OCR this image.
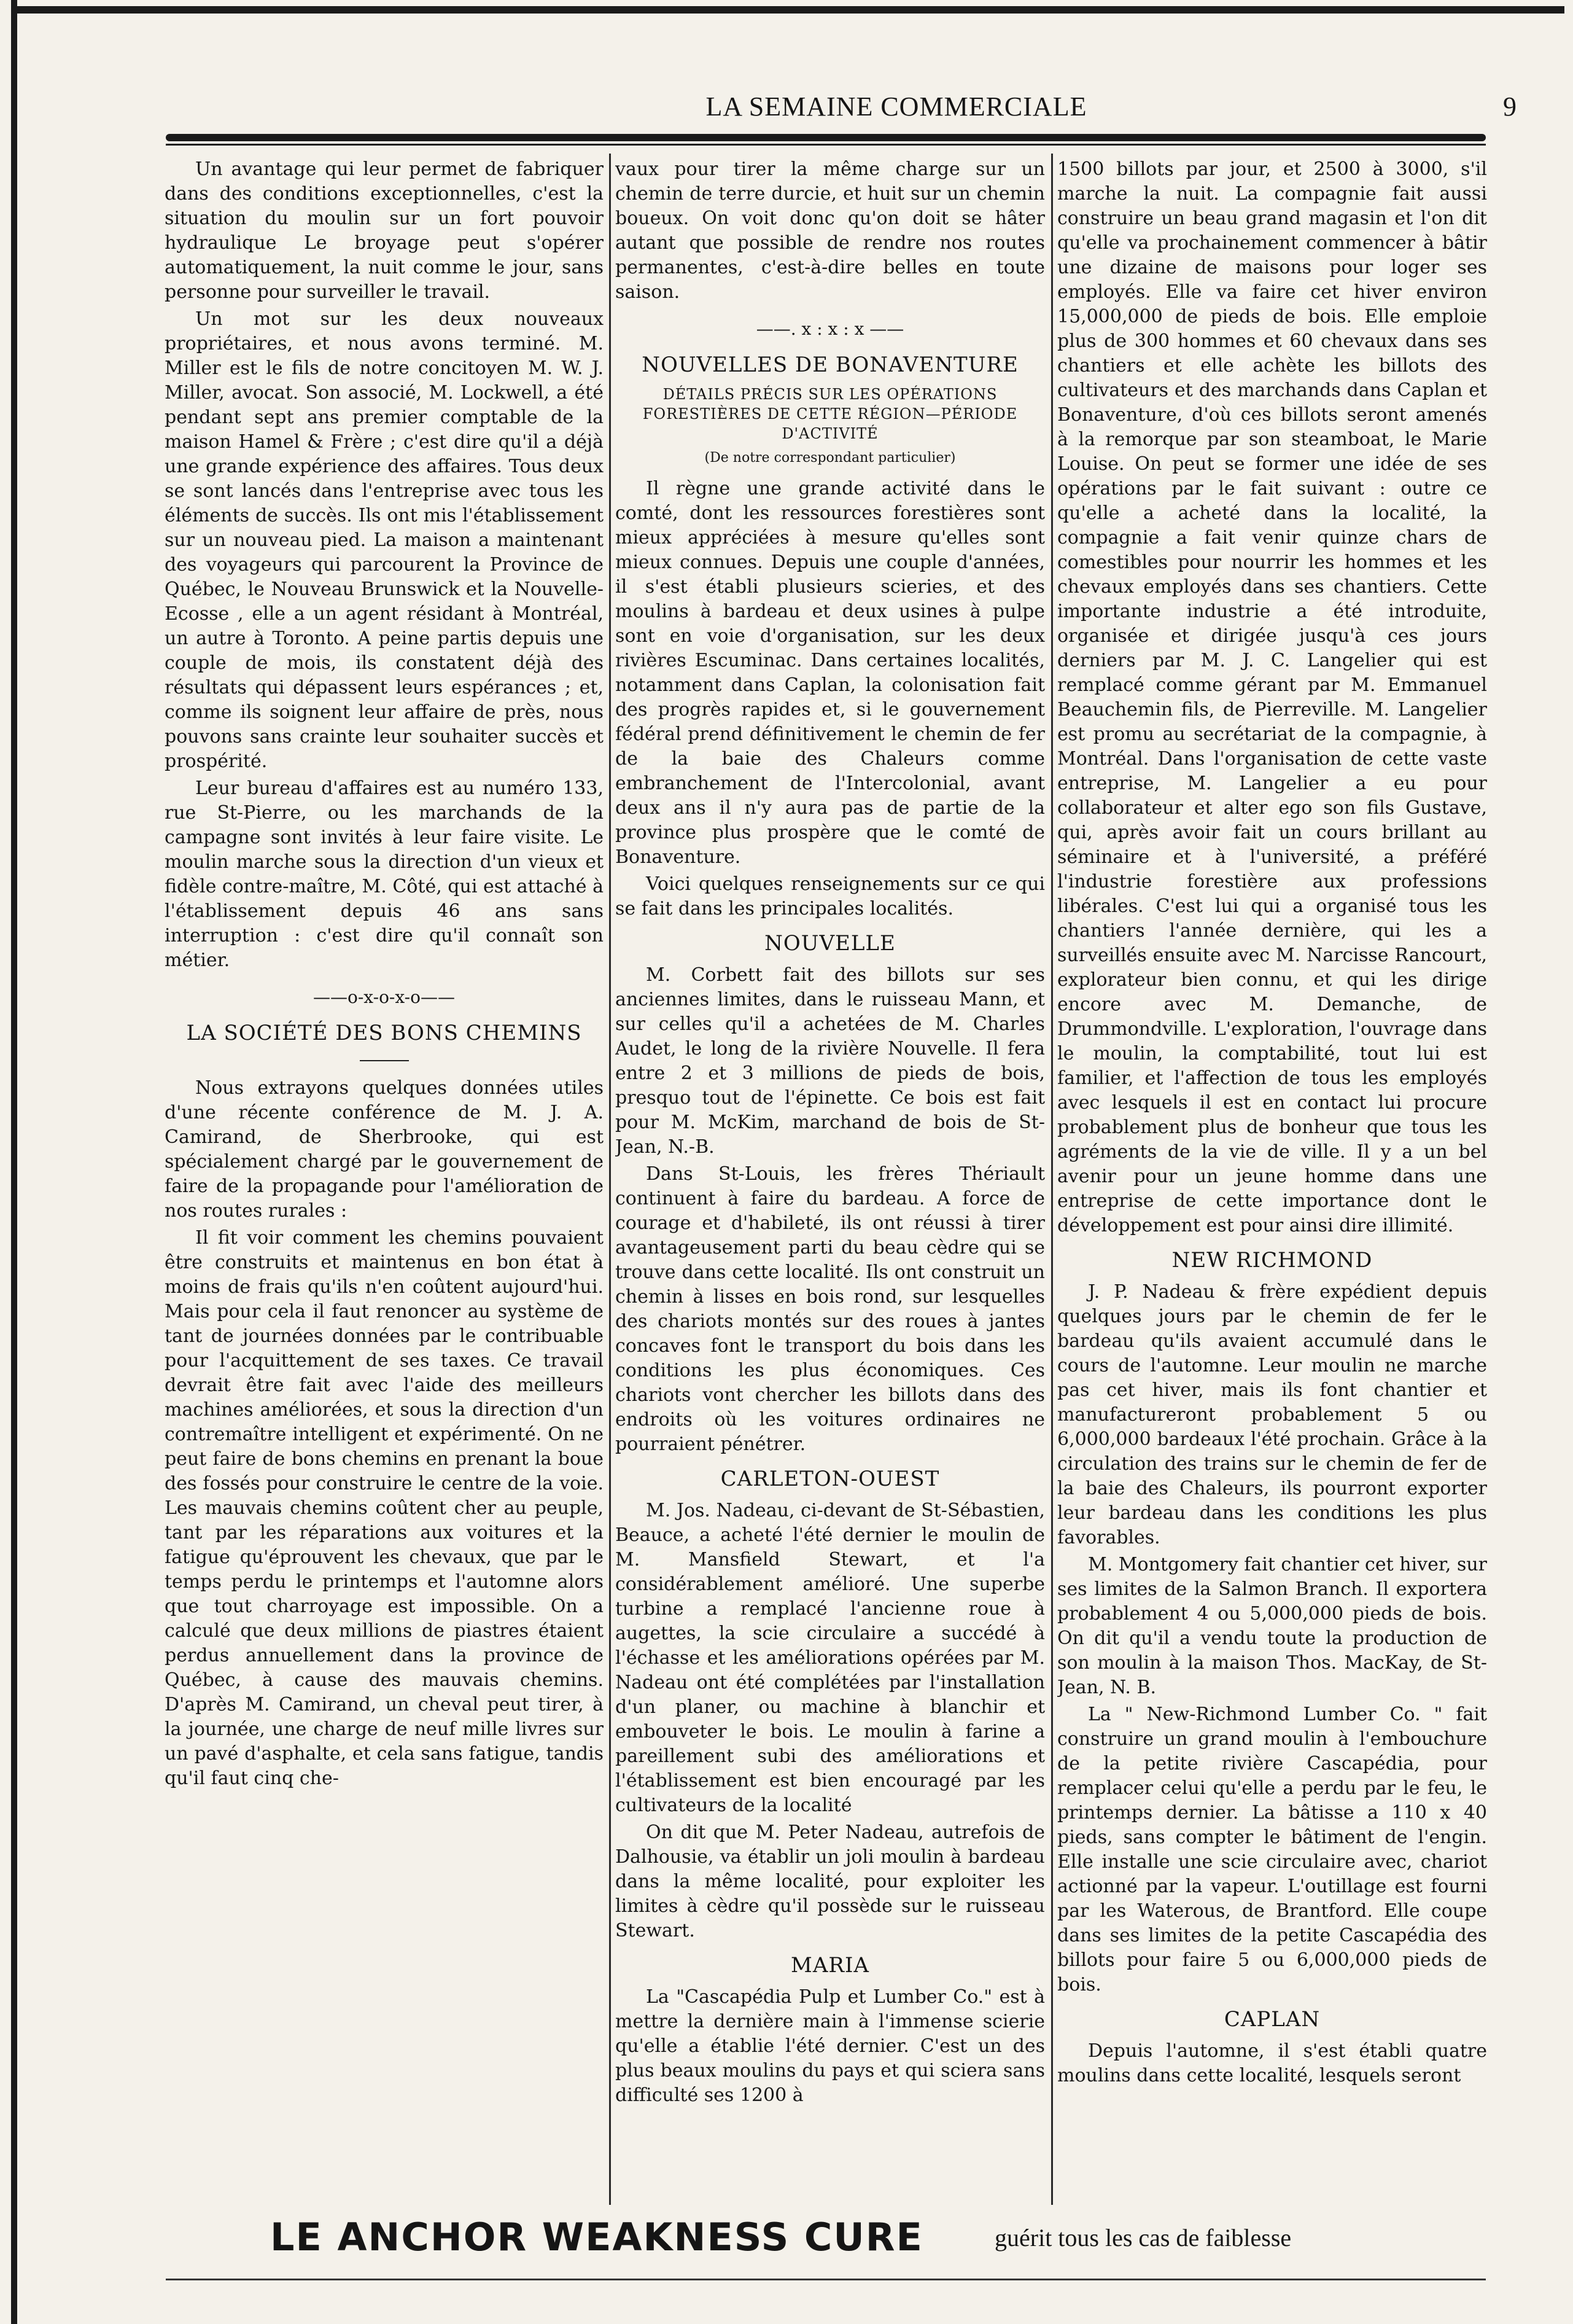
LA SEMAINE COMMERCIALE	9

Un avantage qui leur permet de fabriquer dans des conditions exceptionnelles, c'est la situation du moulin sur un fort pouvoir hydraulique Le broyage peut s'opérer automatiquement, la nuit comme le jour, sans personne pour surveiller le travail.

Un mot sur les deux nouveaux propriétaires, et nous avons terminé. M. Miller est le fils de notre concitoyen M. W. J. Miller, avocat. Son associé, M. Lockwell, a été pendant sept ans premier comptable de la maison Hamel & Frère ; c'est dire qu'il a déjà une grande expérience des affaires. Tous deux se sont lancés dans l'entreprise avec tous les éléments de succès. Ils ont mis l'établissement sur un nouveau pied. La maison a maintenant des voyageurs qui parcourent la Province de Québec, le Nouveau Brunswick et la Nouvelle-Ecosse , elle a un agent résidant à Montréal, un autre à Toronto. A peine partis depuis une couple de mois, ils constatent déjà des résultats qui dépassent leurs espérances ; et, comme ils soignent leur affaire de près, nous pouvons sans crainte leur souhaiter succès et prospérité.

Leur bureau d'affaires est au numéro 133, rue St-Pierre, ou les marchands de la campagne sont invités à leur faire visite. Le moulin marche sous la direction d'un vieux et fidèle contre-maître, M. Côté, qui est attaché à l'établissement depuis 46 ans sans interruption : c'est dire qu'il connaît son métier.

——o-x-o-x-o——
LA SOCIÉTÉ DES BONS CHEMINS

Nous extrayons quelques données utiles d'une récente conférence de M. J. A. Camirand, de Sherbrooke, qui est spécialement chargé par le gouvernement de faire de la propagande pour l'amélioration de nos routes rurales :

Il fit voir comment les chemins pouvaient être construits et maintenus en bon état à moins de frais qu'ils n'en coûtent aujourd'hui. Mais pour cela il faut renoncer au système de tant de journées données par le contribuable pour l'acquittement de ses taxes. Ce travail devrait être fait avec l'aide des meilleurs machines améliorées, et sous la direction d'un contremaître intelligent et expérimenté. On ne peut faire de bons chemins en prenant la boue des fossés pour construire le centre de la voie. Les mauvais chemins coûtent cher au peuple, tant par les réparations aux voitures et la fatigue qu'éprouvent les chevaux, que par le temps perdu le printemps et l'automne alors que tout charroyage est impossible. On a calculé que deux millions de piastres étaient perdus annuellement dans la province de Québec, à cause des mauvais chemins. D'après M. Camirand, un cheval peut tirer, à la journée, une charge de neuf mille livres sur un pavé d'asphalte, et cela sans fatigue, tandis qu'il faut cinq che-

vaux pour tirer la même charge sur un chemin de terre durcie, et huit sur un chemin boueux. On voit donc qu'on doit se hâter autant que possible de rendre nos routes permanentes, c'est-à-dire belles en toute saison.

——. x : x : x ——
NOUVELLES DE BONAVENTURE
DÉTAILS PRÉCIS SUR LES OPÉRATIONS FORESTIÈRES DE CETTE RÉGION—PÉRIODE D'ACTIVITÉ
(De notre correspondant particulier)

Il règne une grande activité dans le comté, dont les ressources forestières sont mieux appréciées à mesure qu'elles sont mieux connues. Depuis une couple d'années, il s'est établi plusieurs scieries, et des moulins à bardeau et deux usines à pulpe sont en voie d'organisation, sur les deux rivières Escuminac. Dans certaines localités, notamment dans Caplan, la colonisation fait des progrès rapides et, si le gouvernement fédéral prend définitivement le chemin de fer de la baie des Chaleurs comme embranchement de l'Intercolonial, avant deux ans il n'y aura pas de partie de la province plus prospère que le comté de Bonaventure.

Voici quelques renseignements sur ce qui se fait dans les principales localités.

NOUVELLE

M. Corbett fait des billots sur ses anciennes limites, dans le ruisseau Mann, et sur celles qu'il a achetées de M. Charles Audet, le long de la rivière Nouvelle. Il fera entre 2 et 3 millions de pieds de bois, presquo tout de l'épinette. Ce bois est fait pour M. McKim, marchand de bois de St-Jean, N.-B.

Dans St-Louis, les frères Thériault continuent à faire du bardeau. A force de courage et d'habileté, ils ont réussi à tirer avantageusement parti du beau cèdre qui se trouve dans cette localité. Ils ont construit un chemin à lisses en bois rond, sur lesquelles des chariots montés sur des roues à jantes concaves font le transport du bois dans les conditions les plus économiques. Ces chariots vont chercher les billots dans des endroits où les voitures ordinaires ne pourraient pénétrer.

CARLETON-OUEST

M. Jos. Nadeau, ci-devant de St-Sébastien, Beauce, a acheté l'été dernier le moulin de M. Mansfield Stewart, et l'a considérablement amélioré. Une superbe turbine a remplacé l'ancienne roue à augettes, la scie circulaire a succédé à l'échasse et les améliorations opérées par M. Nadeau ont été complétées par l'installation d'un planer, ou machine à blanchir et embouveter le bois. Le moulin à farine a pareillement subi des améliorations et l'établissement est bien encouragé par les cultivateurs de la localité

On dit que M. Peter Nadeau, autrefois de Dalhousie, va établir un joli moulin à bardeau dans la même localité, pour exploiter les limites à cèdre qu'il possède sur le ruisseau Stewart.

MARIA

La "Cascapédia Pulp et Lumber Co." est à mettre la dernière main à l'immense scierie qu'elle a établie l'été dernier. C'est un des plus beaux moulins du pays et qui sciera sans difficulté ses 1200 à

1500 billots par jour, et 2500 à 3000, s'il marche la nuit. La compagnie fait aussi construire un beau grand magasin et l'on dit qu'elle va prochainement commencer à bâtir une dizaine de maisons pour loger ses employés. Elle va faire cet hiver environ 15,000,000 de pieds de bois. Elle emploie plus de 300 hommes et 60 chevaux dans ses chantiers et elle achète les billots des cultivateurs et des marchands dans Caplan et Bonaventure, d'où ces billots seront amenés à la remorque par son steamboat, le Marie Louise. On peut se former une idée de ses opérations par le fait suivant : outre ce qu'elle a acheté dans la localité, la compagnie a fait venir quinze chars de comestibles pour nourrir les hommes et les chevaux employés dans ses chantiers. Cette importante industrie a été introduite, organisée et dirigée jusqu'à ces jours derniers par M. J. C. Langelier qui est remplacé comme gérant par M. Emmanuel Beauchemin fils, de Pierreville. M. Langelier est promu au secrétariat de la compagnie, à Montréal. Dans l'organisation de cette vaste entreprise, M. Langelier a eu pour collaborateur et alter ego son fils Gustave, qui, après avoir fait un cours brillant au séminaire et à l'université, a préféré l'industrie forestière aux professions libérales. C'est lui qui a organisé tous les chantiers l'année dernière, qui les a surveillés ensuite avec M. Narcisse Rancourt, explorateur bien connu, et qui les dirige encore avec M. Demanche, de Drummondville. L'exploration, l'ouvrage dans le moulin, la comptabilité, tout lui est familier, et l'affection de tous les employés avec lesquels il est en contact lui procure probablement plus de bonheur que tous les agréments de la vie de ville. Il y a un bel avenir pour un jeune homme dans une entreprise de cette importance dont le développement est pour ainsi dire illimité.

NEW RICHMOND

J. P. Nadeau & frère expédient depuis quelques jours par le chemin de fer le bardeau qu'ils avaient accumulé dans le cours de l'automne. Leur moulin ne marche pas cet hiver, mais ils font chantier et manufactureront probablement 5 ou 6,000,000 bardeaux l'été prochain. Grâce à la circulation des trains sur le chemin de fer de la baie des Chaleurs, ils pourront exporter leur bardeau dans les conditions les plus favorables.

M. Montgomery fait chantier cet hiver, sur ses limites de la Salmon Branch. Il exportera probablement 4 ou 5,000,000 pieds de bois. On dit qu'il a vendu toute la production de son moulin à la maison Thos. MacKay, de St-Jean, N. B.

La " New-Richmond Lumber Co. " fait construire un grand moulin à l'embouchure de la petite rivière Cascapédia, pour remplacer celui qu'elle a perdu par le feu, le printemps dernier. La bâtisse a 110 x 40 pieds, sans compter le bâtiment de l'engin. Elle installe une scie circulaire avec, chariot actionné par la vapeur. L'outillage est fourni par les Waterous, de Brantford. Elle coupe dans ses limites de la petite Cascapédia des billots pour faire 5 ou 6,000,000 pieds de bois.

CAPLAN

Depuis l'automne, il s'est établi quatre moulins dans cette localité, lesquels seront

LE ANCHOR WEAKNESS CURE	guérit tous les cas de faiblesse
